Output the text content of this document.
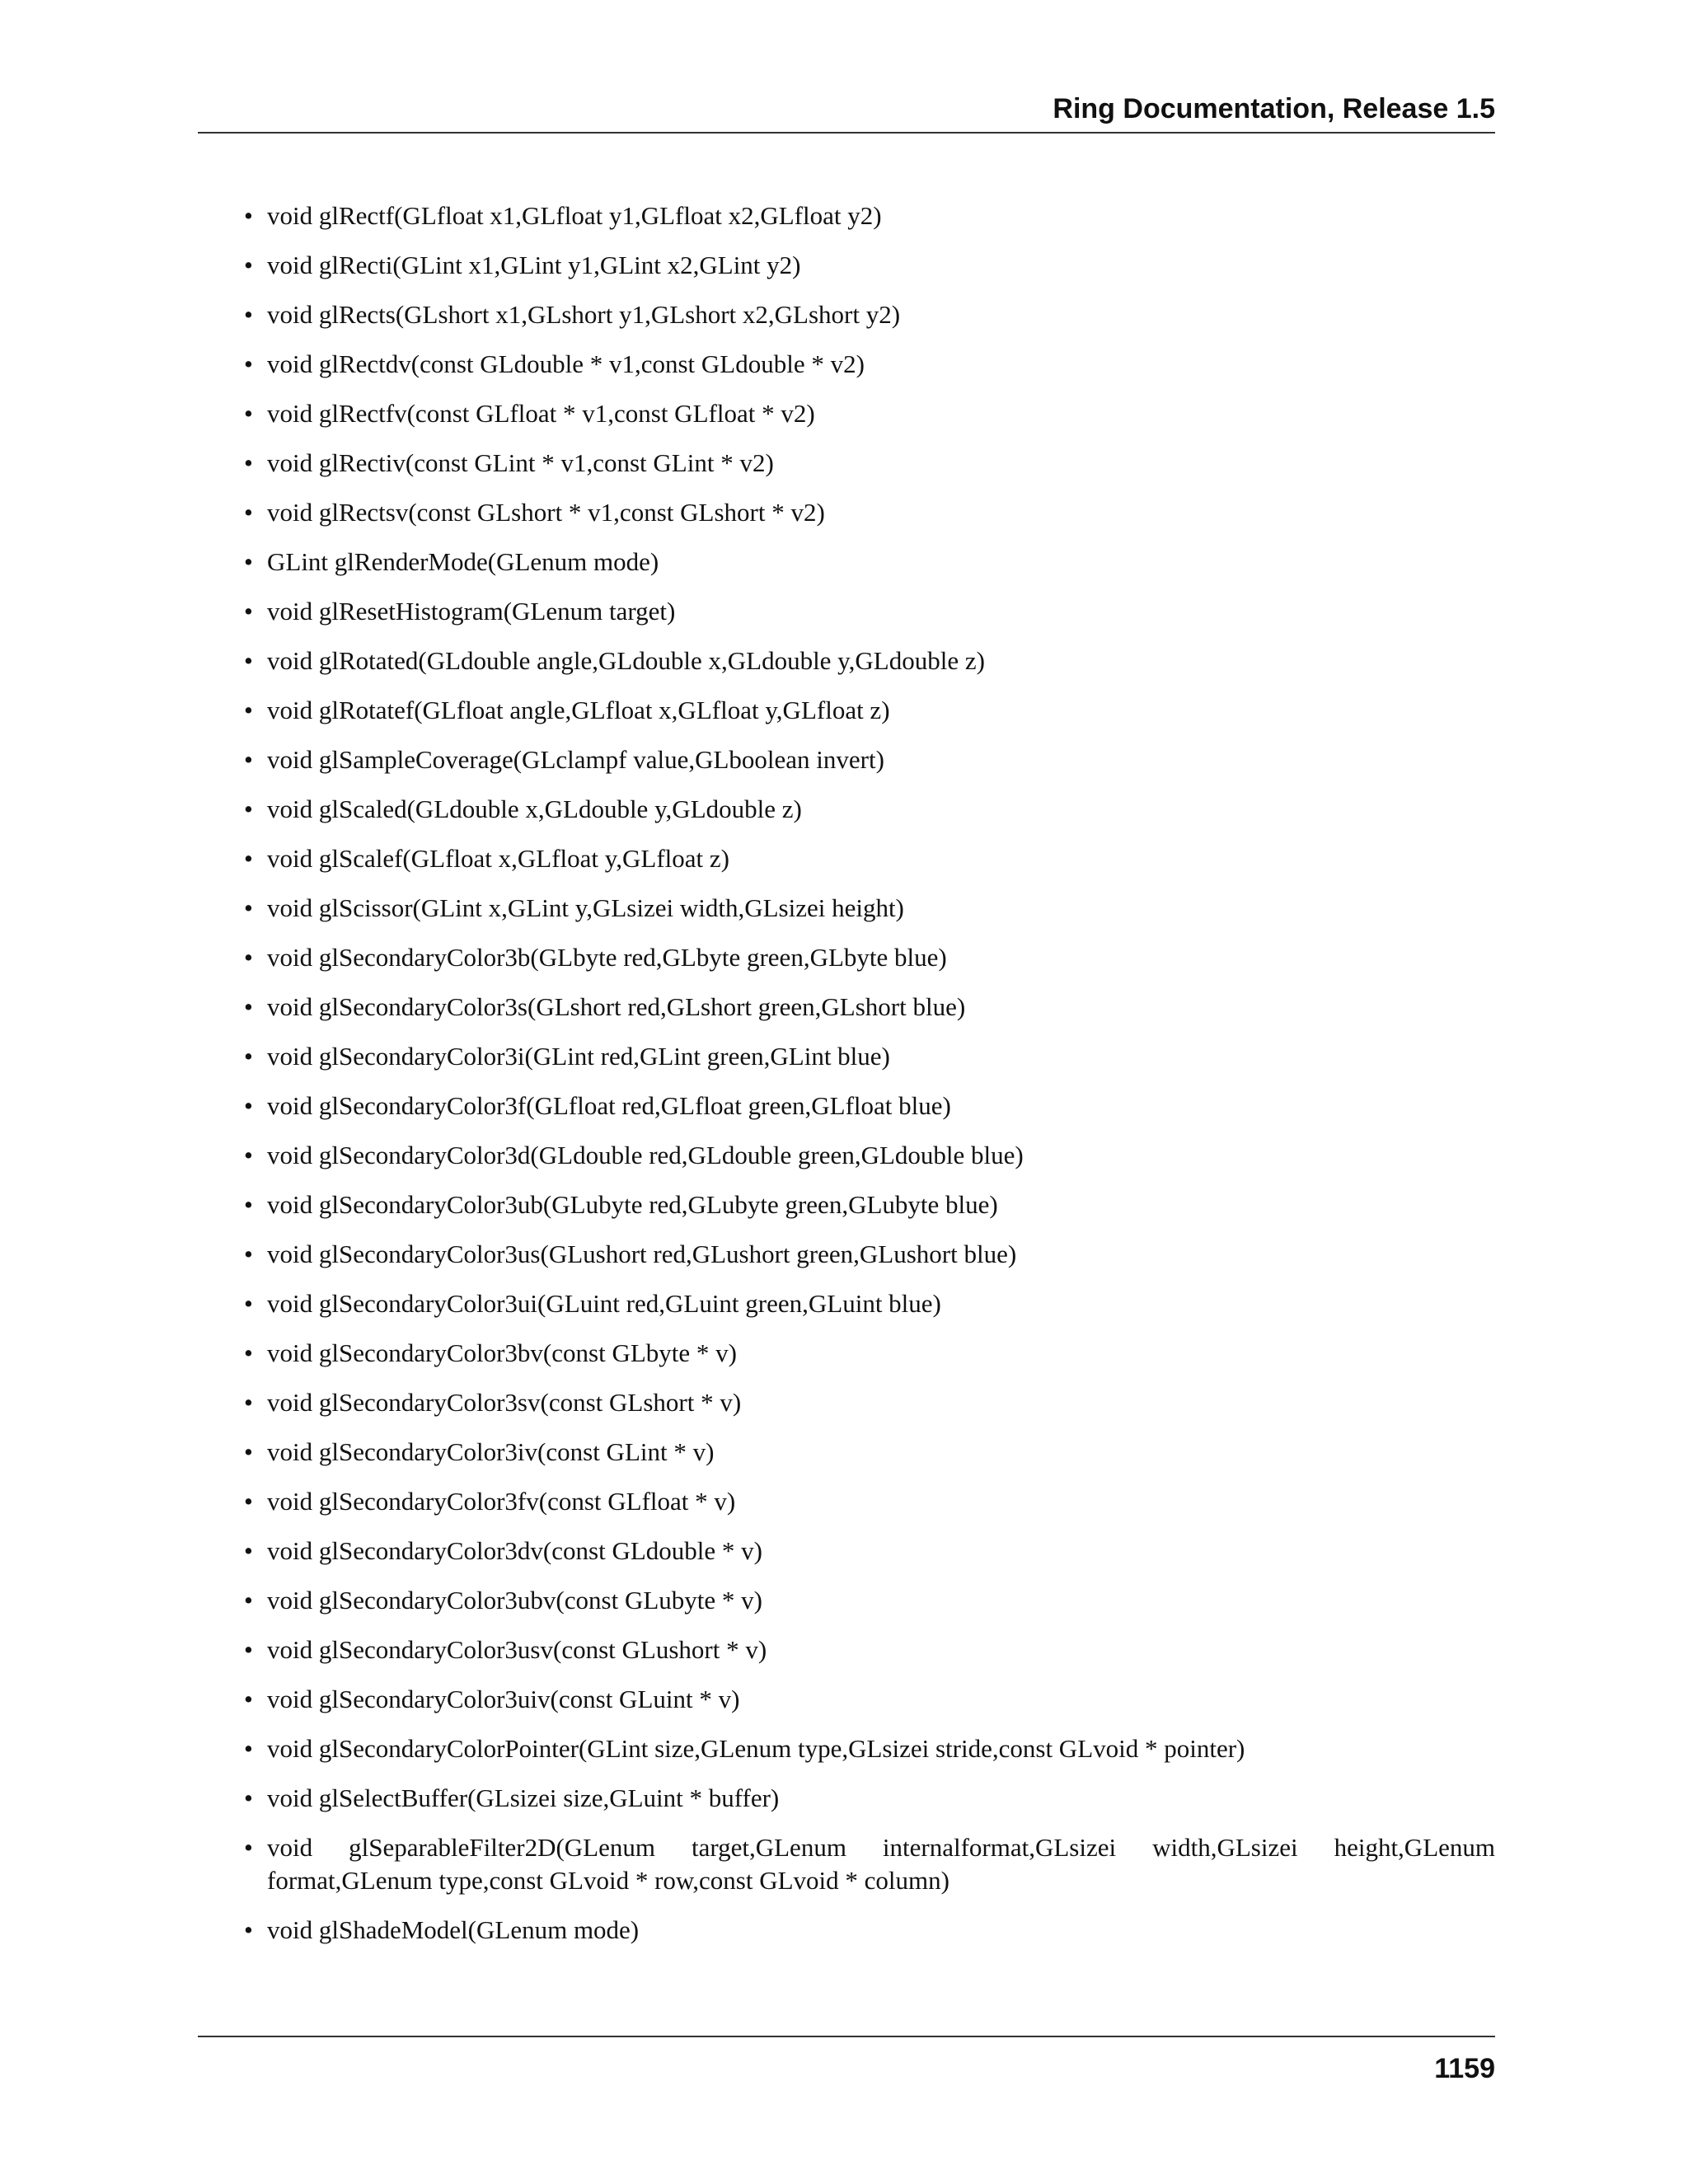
Ring Documentation, Release 1.5
• void glRectf(GLfloat x1,GLfloat y1,GLfloat x2,GLfloat y2)
• void glRecti(GLint x1,GLint y1,GLint x2,GLint y2)
• void glRects(GLshort x1,GLshort y1,GLshort x2,GLshort y2)
• void glRectdv(const GLdouble * v1,const GLdouble * v2)
• void glRectfv(const GLfloat * v1,const GLfloat * v2)
• void glRectiv(const GLint * v1,const GLint * v2)
• void glRectsv(const GLshort * v1,const GLshort * v2)
• GLint glRenderMode(GLenum mode)
• void glResetHistogram(GLenum target)
• void glRotated(GLdouble angle,GLdouble x,GLdouble y,GLdouble z)
• void glRotatef(GLfloat angle,GLfloat x,GLfloat y,GLfloat z)
• void glSampleCoverage(GLclampf value,GLboolean invert)
• void glScaled(GLdouble x,GLdouble y,GLdouble z)
• void glScalef(GLfloat x,GLfloat y,GLfloat z)
• void glScissor(GLint x,GLint y,GLsizei width,GLsizei height)
• void glSecondaryColor3b(GLbyte red,GLbyte green,GLbyte blue)
• void glSecondaryColor3s(GLshort red,GLshort green,GLshort blue)
• void glSecondaryColor3i(GLint red,GLint green,GLint blue)
• void glSecondaryColor3f(GLfloat red,GLfloat green,GLfloat blue)
• void glSecondaryColor3d(GLdouble red,GLdouble green,GLdouble blue)
• void glSecondaryColor3ub(GLubyte red,GLubyte green,GLubyte blue)
• void glSecondaryColor3us(GLushort red,GLushort green,GLushort blue)
• void glSecondaryColor3ui(GLuint red,GLuint green,GLuint blue)
• void glSecondaryColor3bv(const GLbyte * v)
• void glSecondaryColor3sv(const GLshort * v)
• void glSecondaryColor3iv(const GLint * v)
• void glSecondaryColor3fv(const GLfloat * v)
• void glSecondaryColor3dv(const GLdouble * v)
• void glSecondaryColor3ubv(const GLubyte * v)
• void glSecondaryColor3usv(const GLushort * v)
• void glSecondaryColor3uiv(const GLuint * v)
• void glSecondaryColorPointer(GLint size,GLenum type,GLsizei stride,const GLvoid * pointer)
• void glSelectBuffer(GLsizei size,GLuint * buffer)
• void glSeparableFilter2D(GLenum target,GLenum internalformat,GLsizei width,GLsizei height,GLenum format,GLenum type,const GLvoid * row,const GLvoid * column)
• void glShadeModel(GLenum mode)
1159
